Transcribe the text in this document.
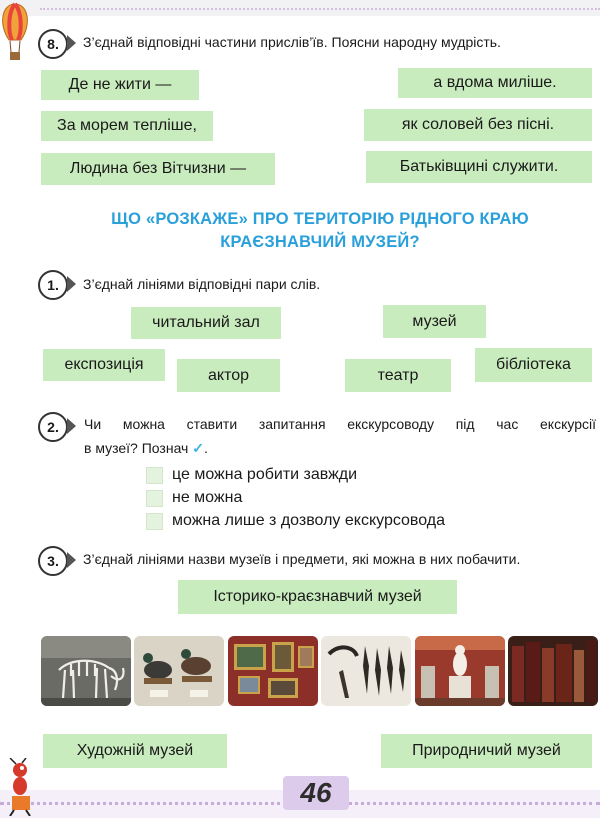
8.	З’єднай відповідні частини прислів’їв. Поясни народну мудрість.
Де не жити —
За морем тепліше,
Людина без Вітчизни —
а вдома миліше.
як соловей без пісні.
Батьківщині служити.
ЩО «РОЗКАЖЕ» ПРО ТЕРИТОРІЮ РІДНОГО КРАЮ
КРАЄЗНАВЧИЙ МУЗЕЙ?
1.	З’єднай лініями відповідні пари слів.
читальний зал	музей
експозиція
актор	театр
бібліотека
2.	Чи можна ставити запитання екскурсоводу під час екскурсії
в музеї? Познач ✓.
це можна робити завжди
не можна
можна лише з дозволу екскурсовода
3.	З’єднай лініями назви музеїв і предмети, які можна в них побачити.
Історико-краєзнавчий музей
Художній музей	Природничий музей
46
